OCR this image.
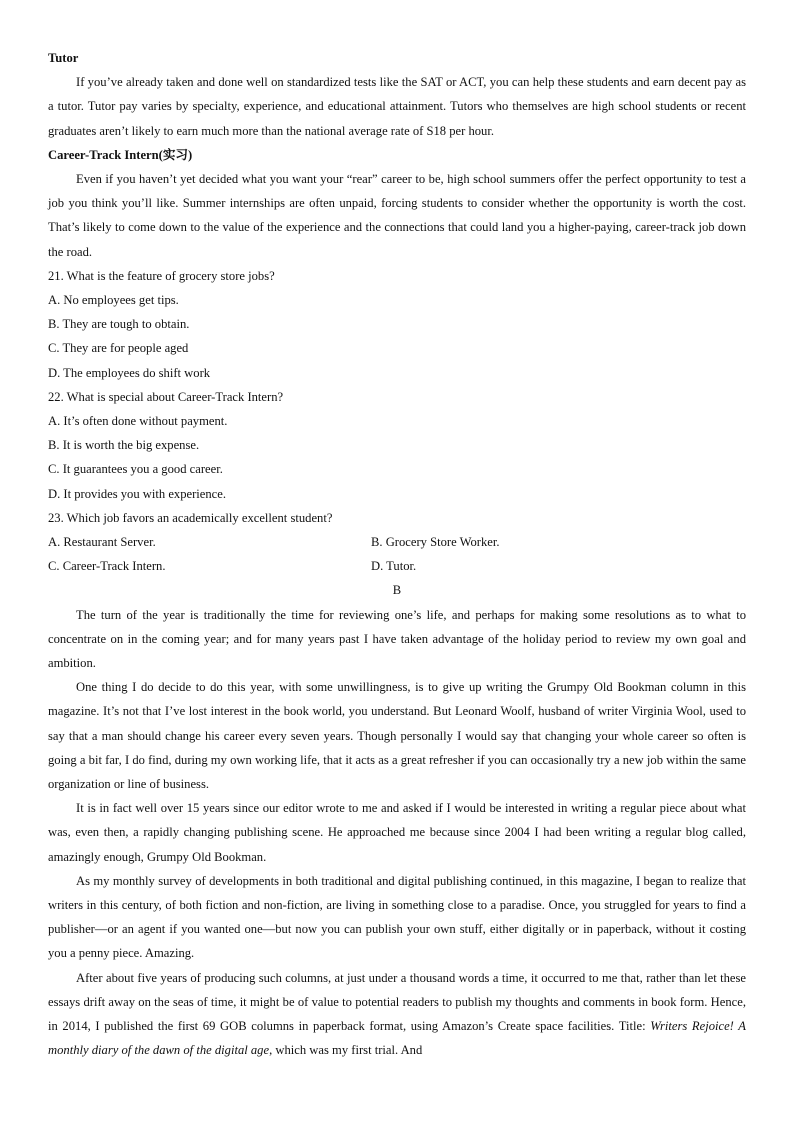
Tutor
If you’ve already taken and done well on standardized tests like the SAT or ACT, you can help these students and earn decent pay as a tutor. Tutor pay varies by specialty, experience, and educational attainment. Tutors who themselves are high school students or recent graduates aren’t likely to earn much more than the national average rate of S18 per hour.
Career-Track Intern(实习)
Even if you haven’t yet decided what you want your “rear” career to be, high school summers offer the perfect opportunity to test a job you think you’ll like. Summer internships are often unpaid, forcing students to consider whether the opportunity is worth the cost. That’s likely to come down to the value of the experience and the connections that could land you a higher-paying, career-track job down the road.
21. What is the feature of grocery store jobs?
A. No employees get tips.
B. They are tough to obtain.
C. They are for people aged
D. The employees do shift work
22. What is special about Career-Track Intern?
A. It’s often done without payment.
B. It is worth the big expense.
C. It guarantees you a good career.
D. It provides you with experience.
23. Which job favors an academically excellent student?
A. Restaurant Server.	B. Grocery Store Worker.
C. Career-Track Intern.	D. Tutor.
B
The turn of the year is traditionally the time for reviewing one’s life, and perhaps for making some resolutions as to what to concentrate on in the coming year; and for many years past I have taken advantage of the holiday period to review my own goal and ambition.
One thing I do decide to do this year, with some unwillingness, is to give up writing the Grumpy Old Bookman column in this magazine. It’s not that I’ve lost interest in the book world, you understand. But Leonard Woolf, husband of writer Virginia Wool, used to say that a man should change his career every seven years. Though personally I would say that changing your whole career so often is going a bit far, I do find, during my own working life, that it acts as a great refresher if you can occasionally try a new job within the same organization or line of business.
It is in fact well over 15 years since our editor wrote to me and asked if I would be interested in writing a regular piece about what was, even then, a rapidly changing publishing scene. He approached me because since 2004 I had been writing a regular blog called, amazingly enough, Grumpy Old Bookman.
As my monthly survey of developments in both traditional and digital publishing continued, in this magazine, I began to realize that writers in this century, of both fiction and non-fiction, are living in something close to a paradise. Once, you struggled for years to find a publisher—or an agent if you wanted one—but now you can publish your own stuff, either digitally or in paperback, without it costing you a penny piece. Amazing.
After about five years of producing such columns, at just under a thousand words a time, it occurred to me that, rather than let these essays drift away on the seas of time, it might be of value to potential readers to publish my thoughts and comments in book form. Hence, in 2014, I published the first 69 GOB columns in paperback format, using Amazon’s Create space facilities. Title: Writers Rejoice! A monthly diary of the dawn of the digital age, which was my first trial. And
